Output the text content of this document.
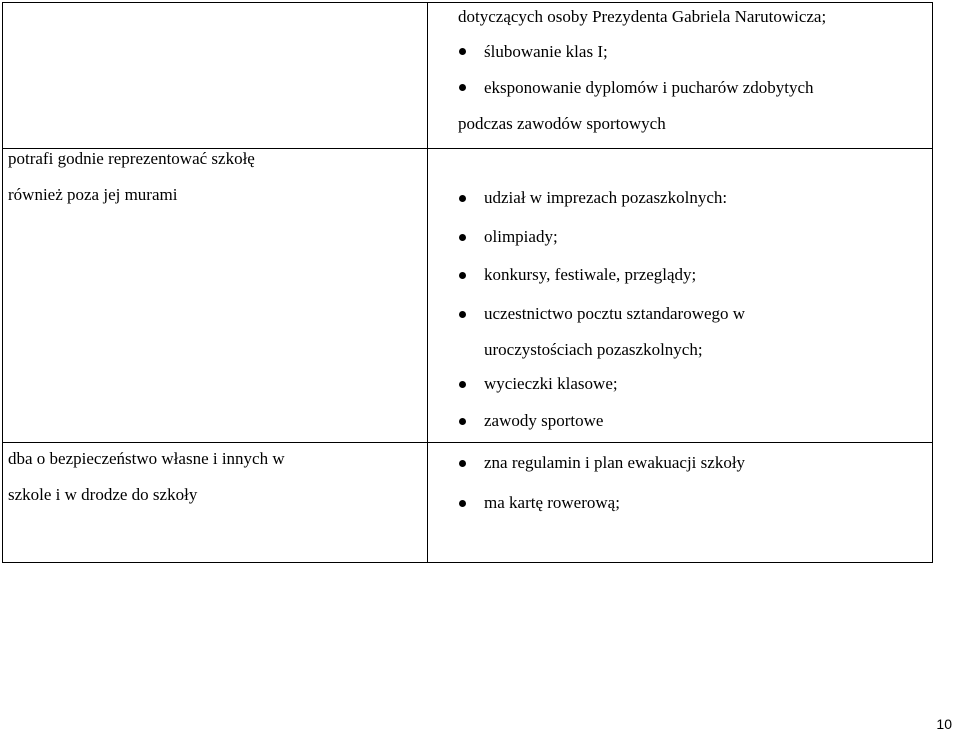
dotyczących osoby Prezydenta Gabriela Narutowicza;
ślubowanie klas I;
eksponowanie dyplomów i pucharów zdobytych
podczas zawodów sportowych
potrafi godnie reprezentować szkołę
również poza jej murami	udział w imprezach pozaszkolnych:
olimpiady;
konkursy, festiwale, przeglądy;
uczestnictwo pocztu sztandarowego w
uroczystościach pozaszkolnych;
wycieczki klasowe;
zawody sportowe
dba o bezpieczeństwo własne i innych w
szkole i w drodze do szkoły
zna regulamin i plan ewakuacji szkoły
ma kartę rowerową;
10
